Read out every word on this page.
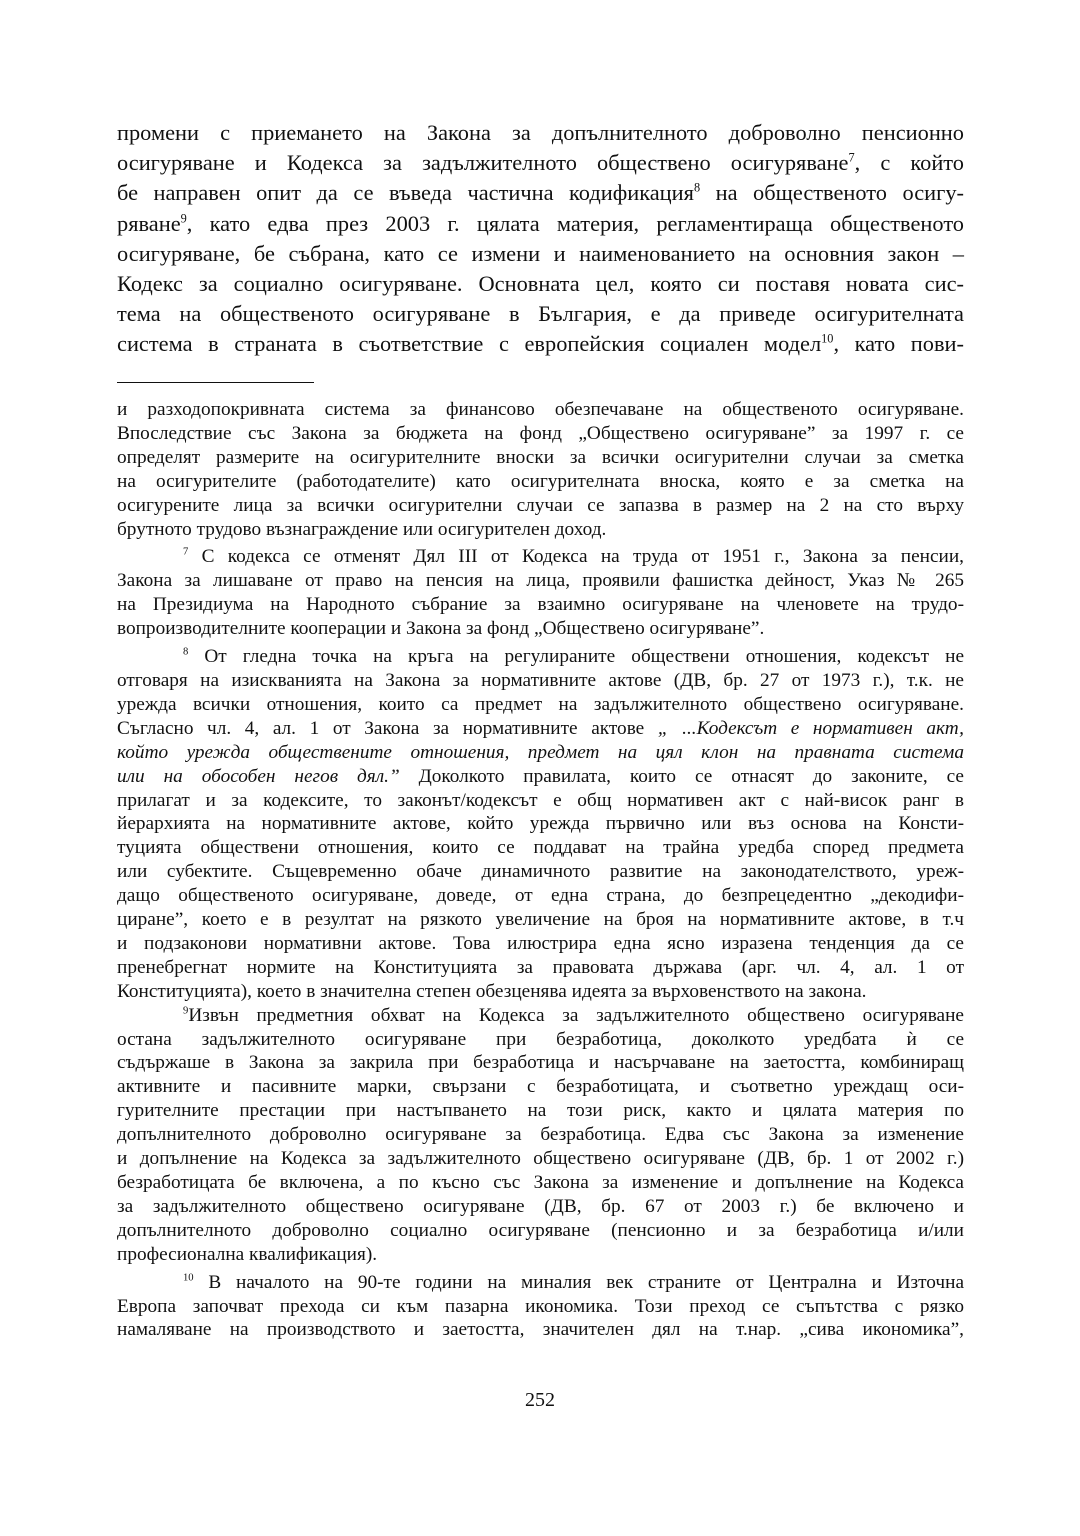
промени с приемането на Закона за допълнителното доброволно пенсионно
осигуряване и Кодекса за задължителното обществено осигуряване$^7$, с който
бе направен опит да се въведа частична кодификация$^8$ на общественото осигу-
ряване$^9$, като едва през 2003 г. цялата материя, регламентираща общественото
осигуряване, бе събрана, като се измени и наименованието на основния закон –
Кодекс за социално осигуряване. Основната цел, която си поставя новата сис-
тема на общественото осигуряване в България, е да приведе осигурителната
система в страната в съответствие с европейския социален модел$^{10}$, като пови-

и разходопокривната система за финансово обезпечаване на общественото осигуряване.
Впоследствие със Закона за бюджета на фонд „Обществено осигуряване” за 1997 г. се
определят размерите на осигурителните вноски за всички осигурителни случаи за сметка
на осигурителите (работодателите) като осигурителната вноска, която е за сметка на
осигурените лица за всички осигурителни случаи се запазва в размер на 2 на сто върху
брутното трудово възнаграждение или осигурителен доход.

$^7$ С кодекса се отменят Дял III от Кодекса на труда от 1951 г., Закона за пенсии,
Закона за лишаване от право на пенсия на лица, проявили фашистка дейност, Указ № 265
на Президиума на Народното събрание за взаимно осигуряване на членовете на трудо-
вопроизводителните кооперации и Закона за фонд „Обществено осигуряване”.

$^8$ От гледна точка на кръга на регулираните обществени отношения, кодексът не
отговаря на изискванията на Закона за нормативните актове (ДВ, бр. 27 от 1973 г.), т.к. не
урежда всички отношения, които са предмет на задължителното обществено осигуряване.
Съгласно чл. 4, ал. 1 от Закона за нормативните актове „ ...Кодексът е нормативен акт,
който урежда обществените отношения, предмет на цял клон на правната система
или на обособен негов дял.” Доколкото правилата, които се отнасят до законите, се
прилагат и за кодексите, то законът/кодексът е общ нормативен акт с най-висок ранг в
йерархията на нормативните актове, който урежда първично или въз основа на Консти-
туцията обществени отношения, които се поддават на трайна уредба според предмета
или субектите. Същевременно обаче динамичното развитие на законодателството, уреж-
дащо общественото осигуряване, доведе, от една страна, до безпрецедентно „декодифи-
циране”, което е в резултат на рязкото увеличение на броя на нормативните актове, в т.ч
и подзаконови нормативни актове. Това илюстрира една ясно изразена тенденция да се
пренебрегнат нормите на Конституцията за правовата държава (арг. чл. 4, ал. 1 от
Конституцията), което в значителна степен обезценява идеята за върховенството на закона.

$^9$Извън предметния обхват на Кодекса за задължителното обществено осигуряване
остана задължителното осигуряване при безработица, доколкото уредбата ѝ се
съдържаше в Закона за закрила при безработица и насърчаване на заетостта, комбиниращ
активните и пасивните марки, свързани с безработицата, и съответно уреждащ оси-
гурителните престации при настъпването на този риск, както и цялата материя по
допълнителното доброволно осигуряване за безработица. Едва със Закона за изменение
и допълнение на Кодекса за задължителното обществено осигуряване (ДВ, бр. 1 от 2002 г.)
безработицата бе включена, а по късно със Закона за изменение и допълнение на Кодекса
за задължителното обществено осигуряване (ДВ, бр. 67 от 2003 г.) бе включено и
допълнителното доброволно социално осигуряване (пенсионно и за безработица и/или
професионална квалификация).

$^{10}$ В началото на 90-те години на миналия век страните от Централна и Източна
Европа започват прехода си към пазарна икономика. Този преход се съпътства с рязко
намаляване на производството и заетостта, значителен дял на т.нар. „сива икономика”,

252
